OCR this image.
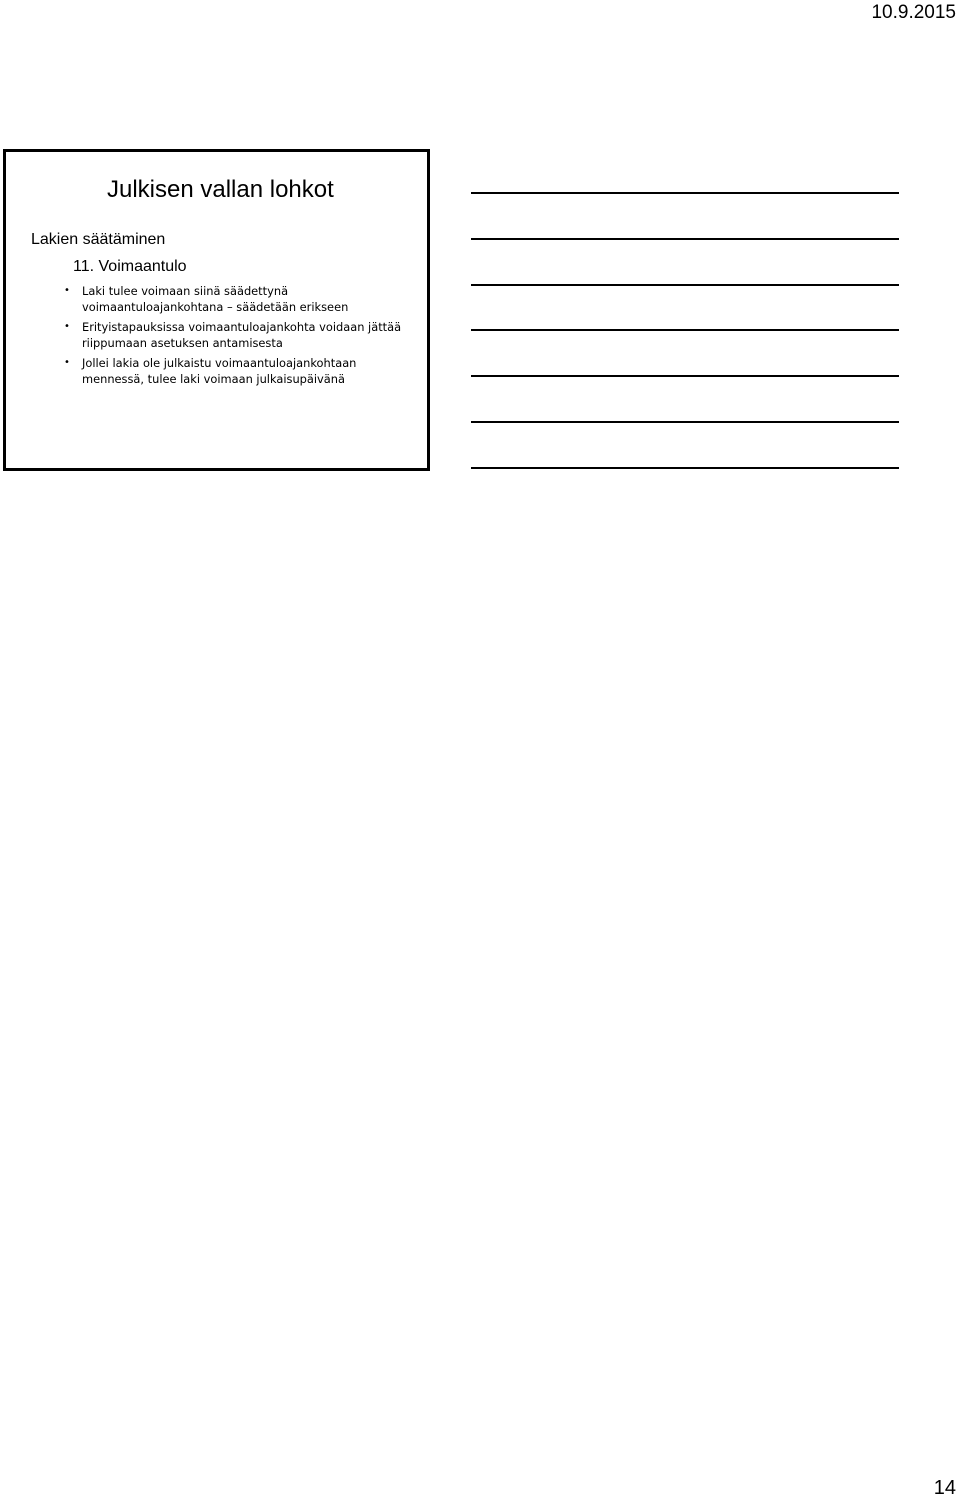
10.9.2015
Julkisen vallan lohkot
Lakien säätäminen
11. Voimaantulo
• Laki tulee voimaan siinä säädettynä
voimaantuloajankohtana – säädetään erikseen
• Erityistapauksissa voimaantuloajankohta voidaan jättää
riippumaan asetuksen antamisesta
• Jollei lakia ole julkaistu voimaantuloajankohtaan
mennessä, tulee laki voimaan julkaisupäivänä
14
